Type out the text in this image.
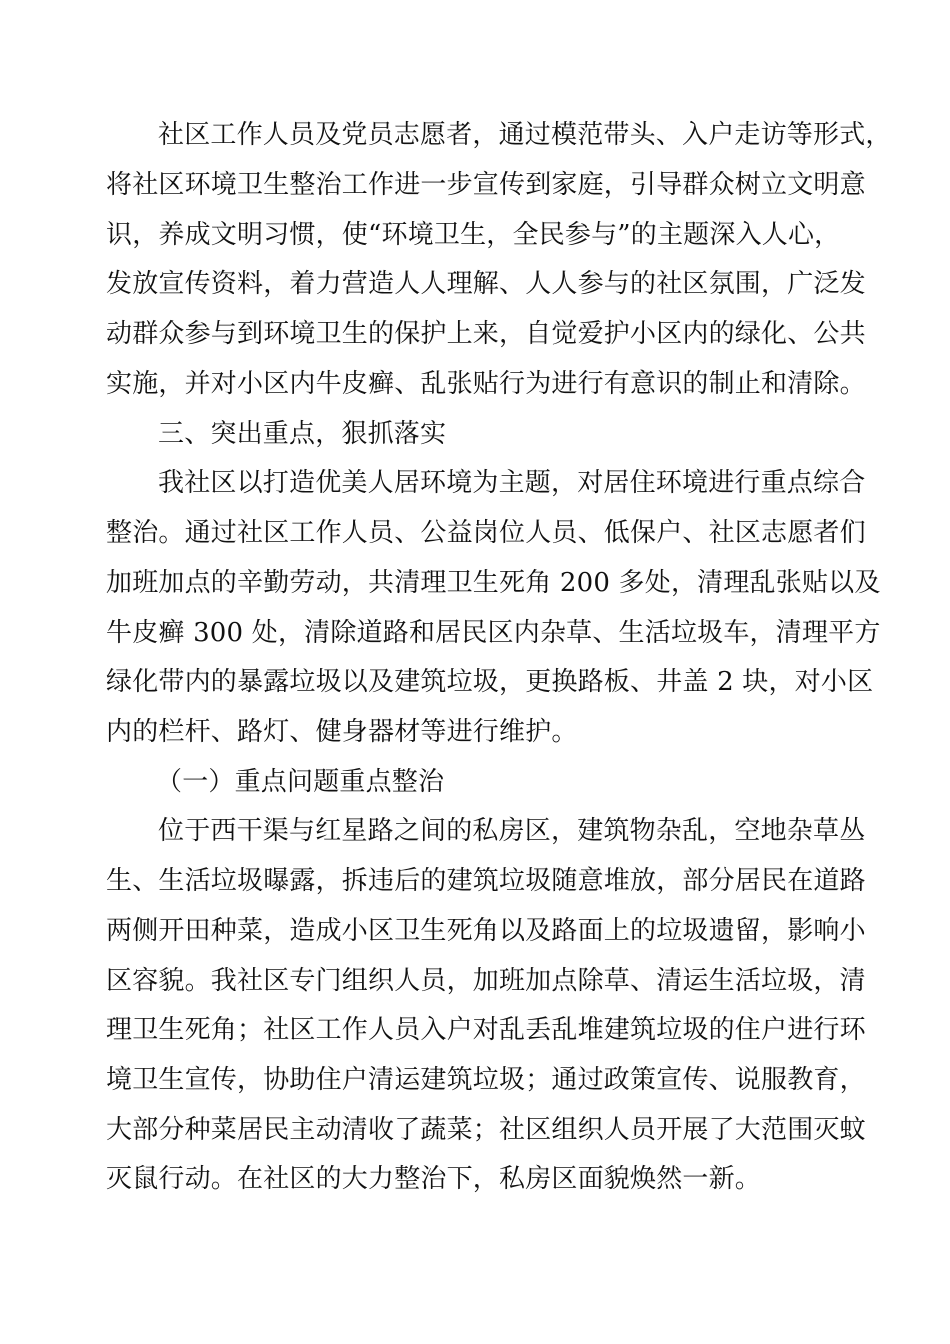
社区工作人员及党员志愿者，通过模范带头、入户走访等形式，
将社区环境卫生整治工作进一步宣传到家庭，引导群众树立文明意
识，养成文明习惯，使“环境卫生，全民参与”的主题深入人心，
发放宣传资料，着力营造人人理解、人人参与的社区氛围，广泛发
动群众参与到环境卫生的保护上来，自觉爱护小区内的绿化、公共
实施，并对小区内牛皮癣、乱张贴行为进行有意识的制止和清除。
三、突出重点，狠抓落实
我社区以打造优美人居环境为主题，对居住环境进行重点综合
整治。通过社区工作人员、公益岗位人员、低保户、社区志愿者们
加班加点的辛勤劳动，共清理卫生死角 200 多处，清理乱张贴以及
牛皮癣 300 处，清除道路和居民区内杂草、生活垃圾车，清理平方
绿化带内的暴露垃圾以及建筑垃圾，更换路板、井盖 2 块，对小区
内的栏杆、路灯、健身器材等进行维护。
（一）重点问题重点整治
位于西干渠与红星路之间的私房区，建筑物杂乱，空地杂草丛
生、生活垃圾曝露，拆违后的建筑垃圾随意堆放，部分居民在道路
两侧开田种菜，造成小区卫生死角以及路面上的垃圾遗留，影响小
区容貌。我社区专门组织人员，加班加点除草、清运生活垃圾，清
理卫生死角；社区工作人员入户对乱丢乱堆建筑垃圾的住户进行环
境卫生宣传，协助住户清运建筑垃圾；通过政策宣传、说服教育，
大部分种菜居民主动清收了蔬菜；社区组织人员开展了大范围灭蚊
灭鼠行动。在社区的大力整治下，私房区面貌焕然一新。
